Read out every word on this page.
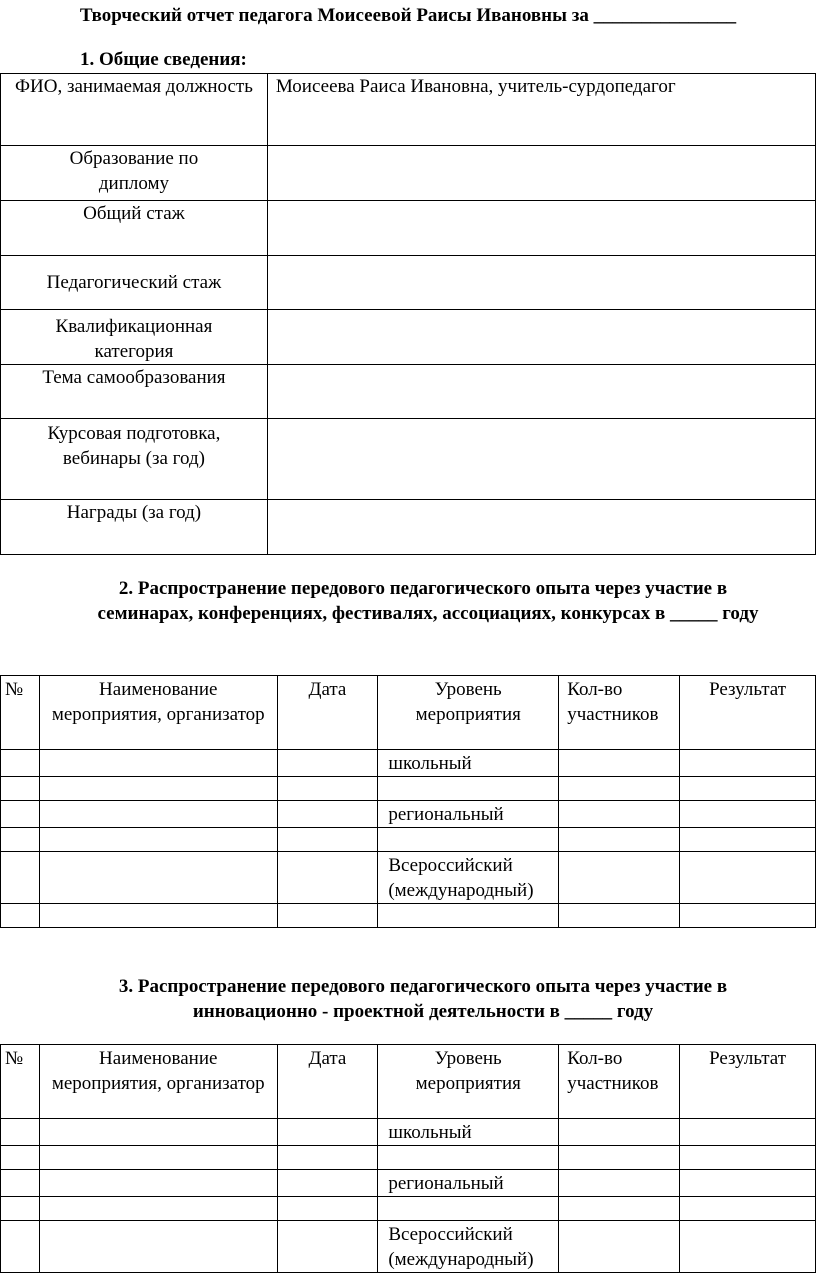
Творческий отчет педагога Моисеевой Раисы Ивановны за _______________
1. Общие сведения:
ФИО, занимаемая должность	Моисеева Раиса Ивановна, учитель-сурдопедагог
Образование по диплому	
Общий стаж	
Педагогический стаж	
Квалификационная категория	
Тема самообразования	
Курсовая подготовка, вебинары (за год)	
Награды (за год)	
2. Распространение передового педагогического опыта через участие в
семинарах, конференциях, фестивалях, ассоциациях, конкурсах в _____ году
№	Наименование мероприятия, организатор	Дата	Уровень мероприятия	Кол-во участников	Результат
			школьный		

			региональный		

			Всероссийский (международный)		

3. Распространение передового педагогического опыта через участие в
инновационно - проектной деятельности в _____ году
№	Наименование мероприятия, организатор	Дата	Уровень мероприятия	Кол-во участников	Результат
			школьный		

			региональный		

			Всероссийский (международный)		
